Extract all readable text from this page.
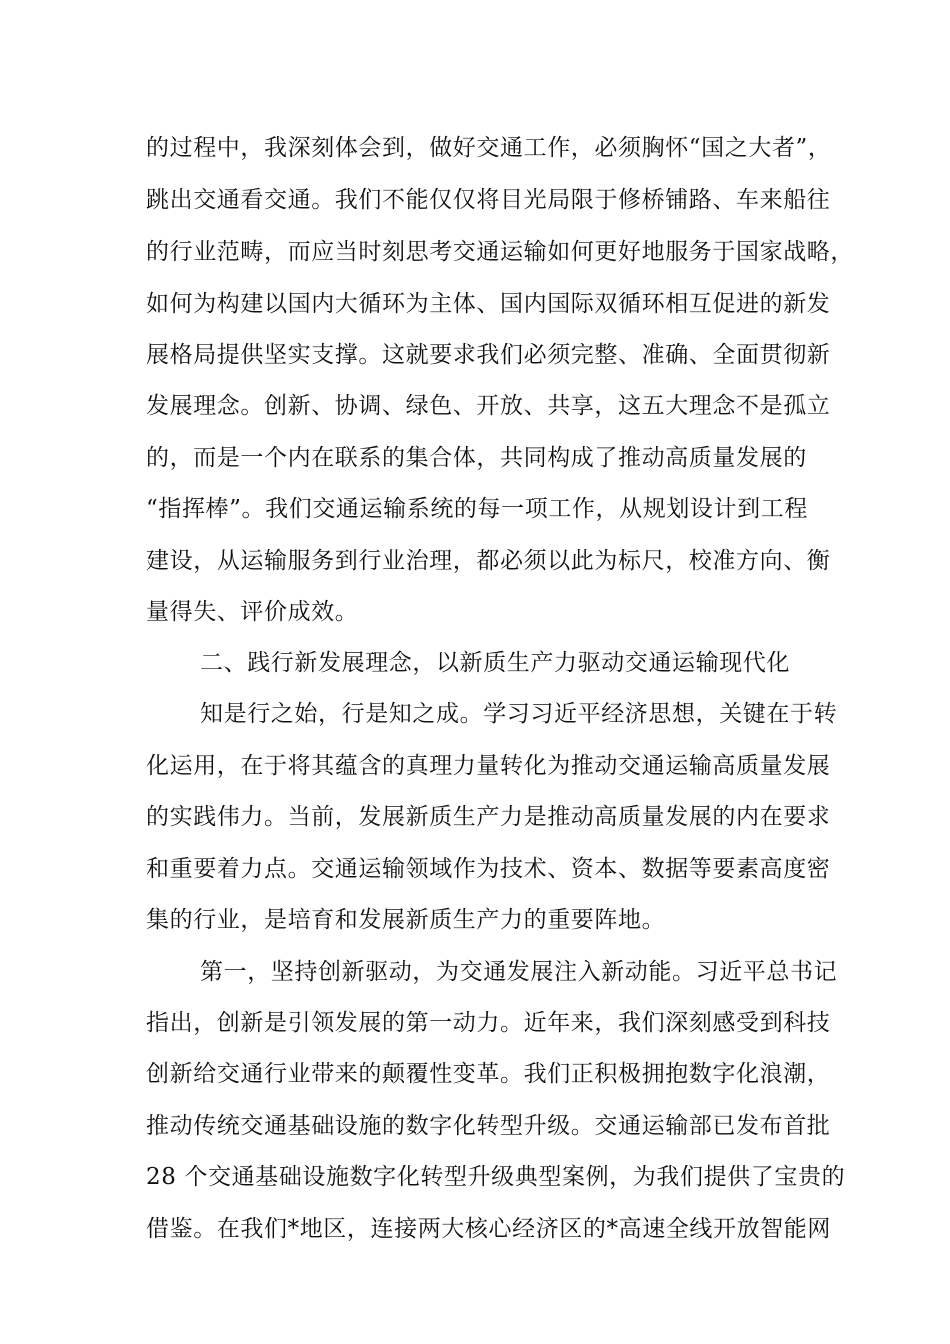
的过程中，我深刻体会到，做好交通工作，必须胸怀“国之大者”，
跳出交通看交通。我们不能仅仅将目光局限于修桥铺路、车来船往
的行业范畴，而应当时刻思考交通运输如何更好地服务于国家战略，
如何为构建以国内大循环为主体、国内国际双循环相互促进的新发
展格局提供坚实支撑。这就要求我们必须完整、准确、全面贯彻新
发展理念。创新、协调、绿色、开放、共享，这五大理念不是孤立
的，而是一个内在联系的集合体，共同构成了推动高质量发展的
“指挥棒”。我们交通运输系统的每一项工作，从规划设计到工程
建设，从运输服务到行业治理，都必须以此为标尺，校准方向、衡
量得失、评价成效。
二、践行新发展理念，以新质生产力驱动交通运输现代化
知是行之始，行是知之成。学习习近平经济思想，关键在于转
化运用，在于将其蕴含的真理力量转化为推动交通运输高质量发展
的实践伟力。当前，发展新质生产力是推动高质量发展的内在要求
和重要着力点。交通运输领域作为技术、资本、数据等要素高度密
集的行业，是培育和发展新质生产力的重要阵地。
第一，坚持创新驱动，为交通发展注入新动能。习近平总书记
指出，创新是引领发展的第一动力。近年来，我们深刻感受到科技
创新给交通行业带来的颠覆性变革。我们正积极拥抱数字化浪潮，
推动传统交通基础设施的数字化转型升级。交通运输部已发布首批
28 个交通基础设施数字化转型升级典型案例，为我们提供了宝贵的
借鉴。在我们*地区，连接两大核心经济区的*高速全线开放智能网
